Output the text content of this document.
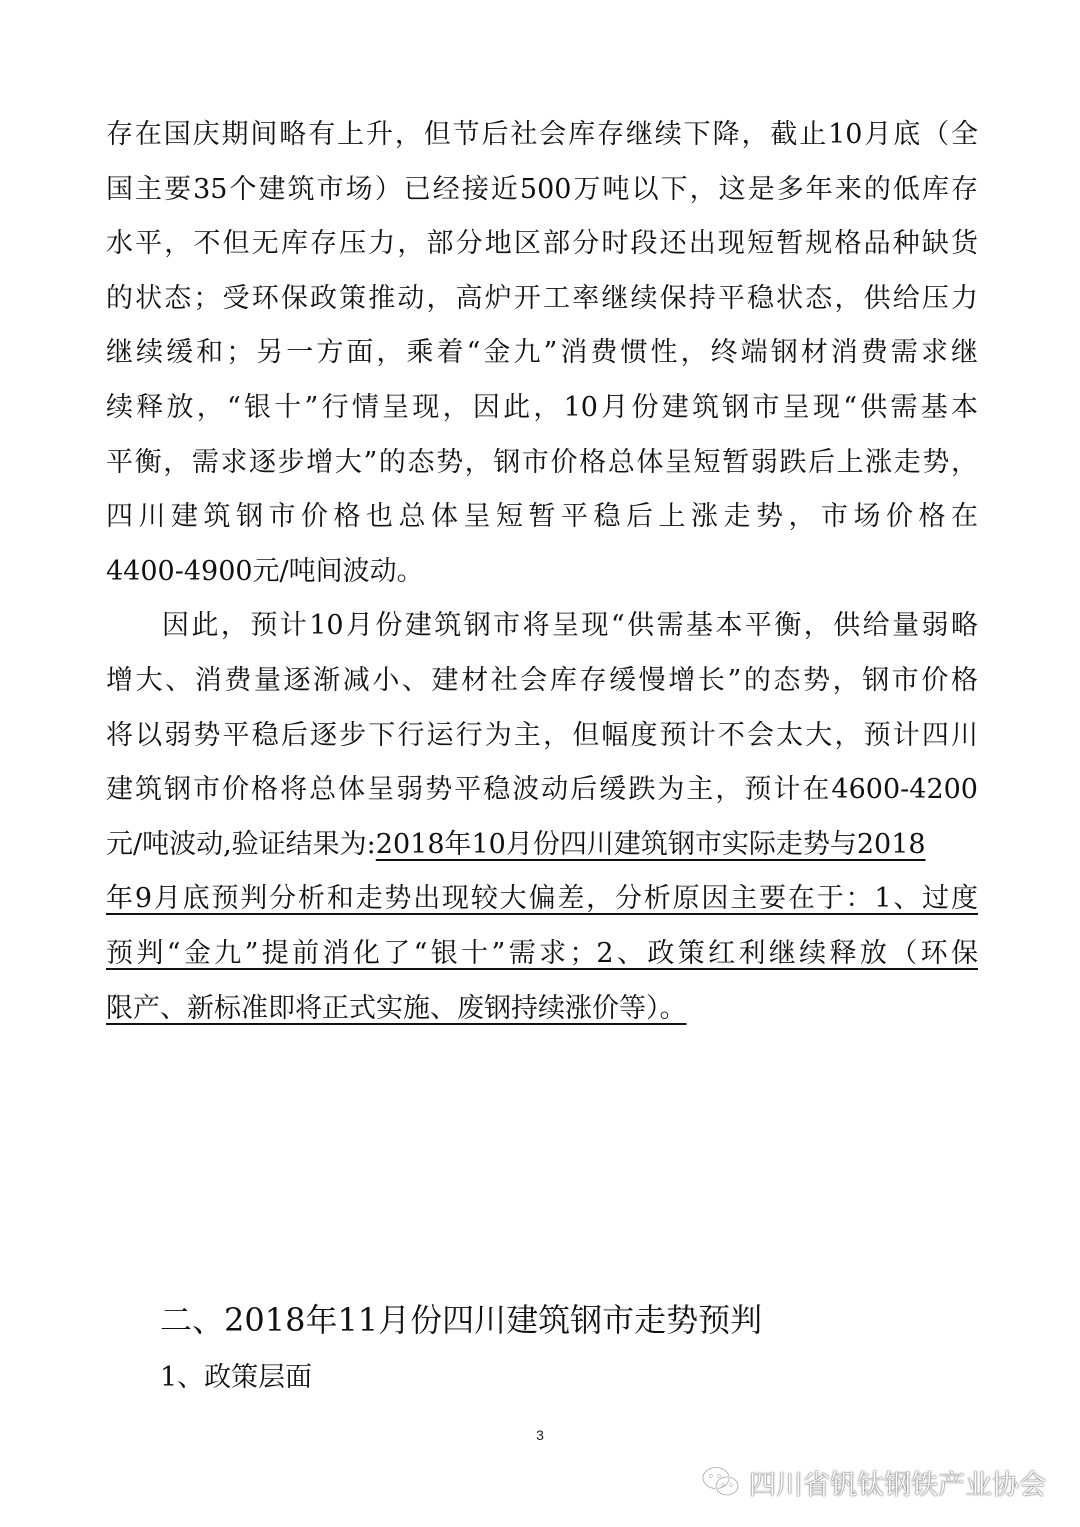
存在国庆期间略有上升，但节后社会库存继续下降，截止10月底（全
国主要35个建筑市场）已经接近500万吨以下，这是多年来的低库存
水平，不但无库存压力，部分地区部分时段还出现短暂规格品种缺货
的状态；受环保政策推动，高炉开工率继续保持平稳状态，供给压力
继续缓和；另一方面，乘着“金九”消费惯性，终端钢材消费需求继
续释放，“银十”行情呈现，因此，10月份建筑钢市呈现“供需基本
平衡，需求逐步增大”的态势，钢市价格总体呈短暂弱跌后上涨走势，
四川建筑钢市价格也总体呈短暂平稳后上涨走势，市场价格在
4400-4900元/吨间波动。
因此，预计10月份建筑钢市将呈现“供需基本平衡，供给量弱略
增大、消费量逐渐减小、建材社会库存缓慢增长”的态势，钢市价格
将以弱势平稳后逐步下行运行为主，但幅度预计不会太大，预计四川
建筑钢市价格将总体呈弱势平稳波动后缓跌为主，预计在4600-4200
元/吨波动,验证结果为:2018年10月份四川建筑钢市实际走势与2018
年9月底预判分析和走势出现较大偏差，分析原因主要在于：1、过度
预判“金九”提前消化了“银十”需求；2、政策红利继续释放（环保
限产、新标准即将正式实施、废钢持续涨价等）。
二、2018年11月份四川建筑钢市走势预判
1、政策层面
3
四川省钒钛钢铁产业协会
